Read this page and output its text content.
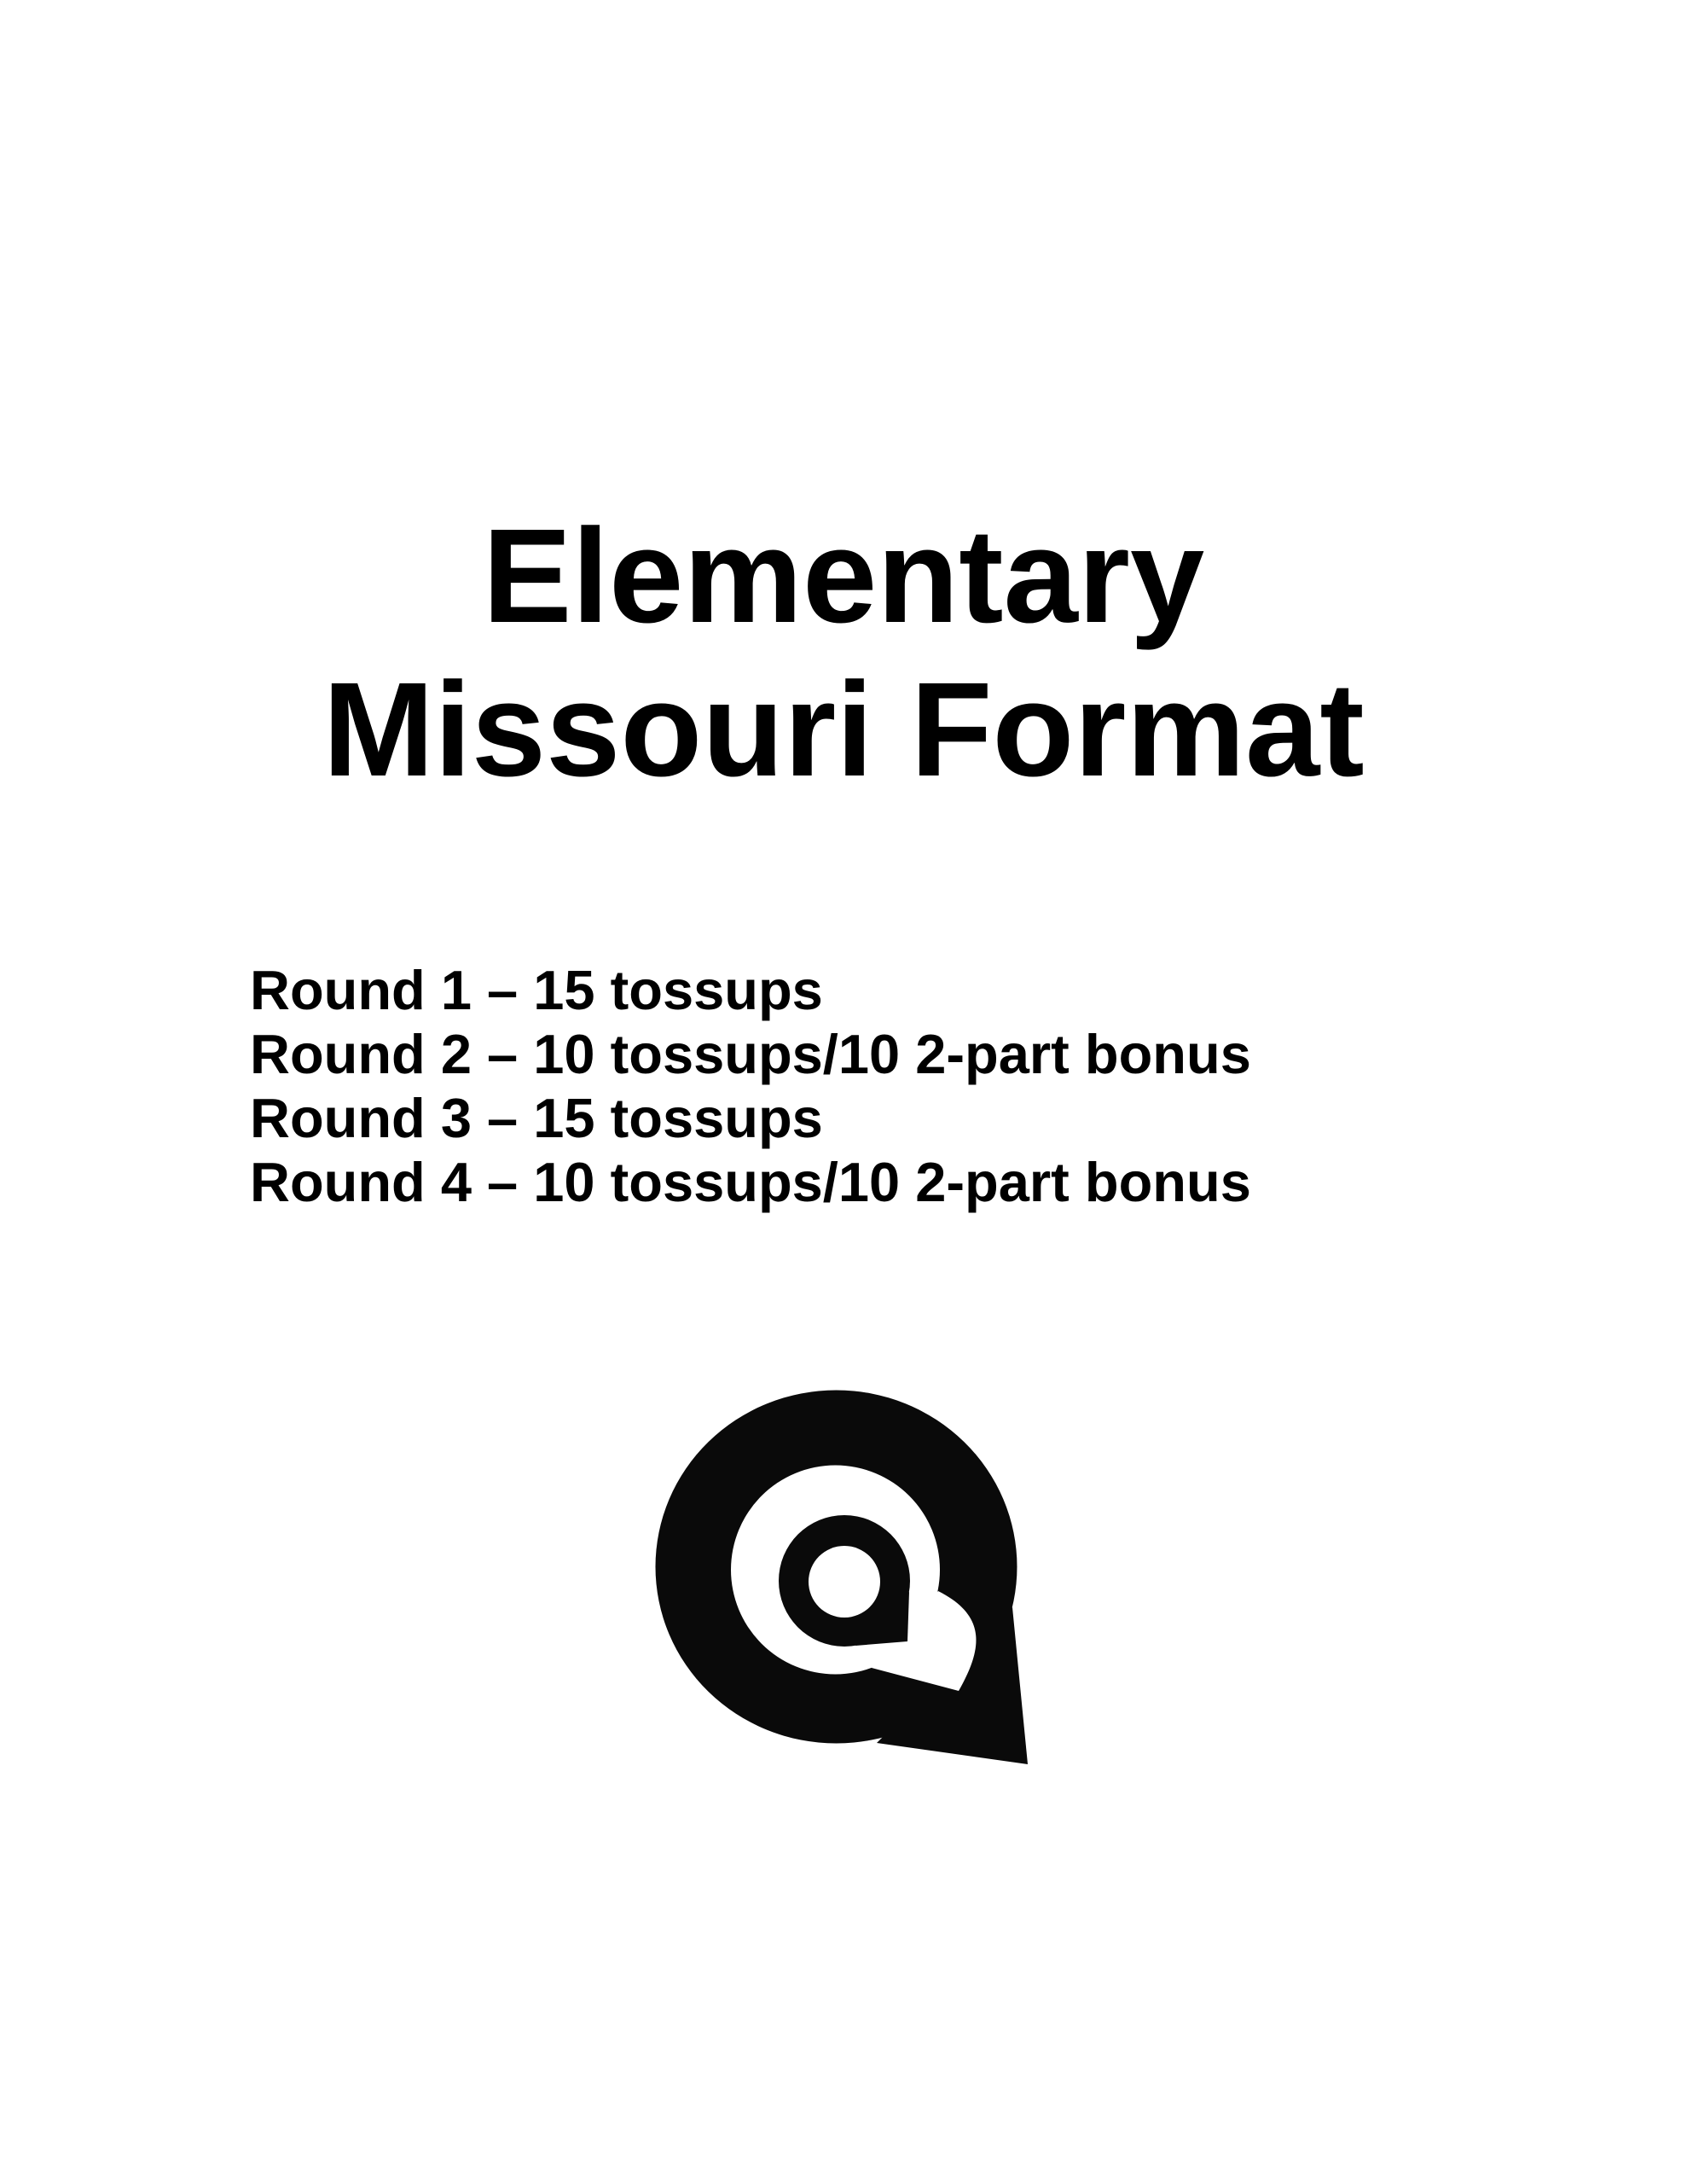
Elementary
Missouri Format
Round 1 – 15 tossups
Round 2 – 10 tossups/10 2-part bonus
Round 3 – 15 tossups
Round 4 – 10 tossups/10 2-part bonus
